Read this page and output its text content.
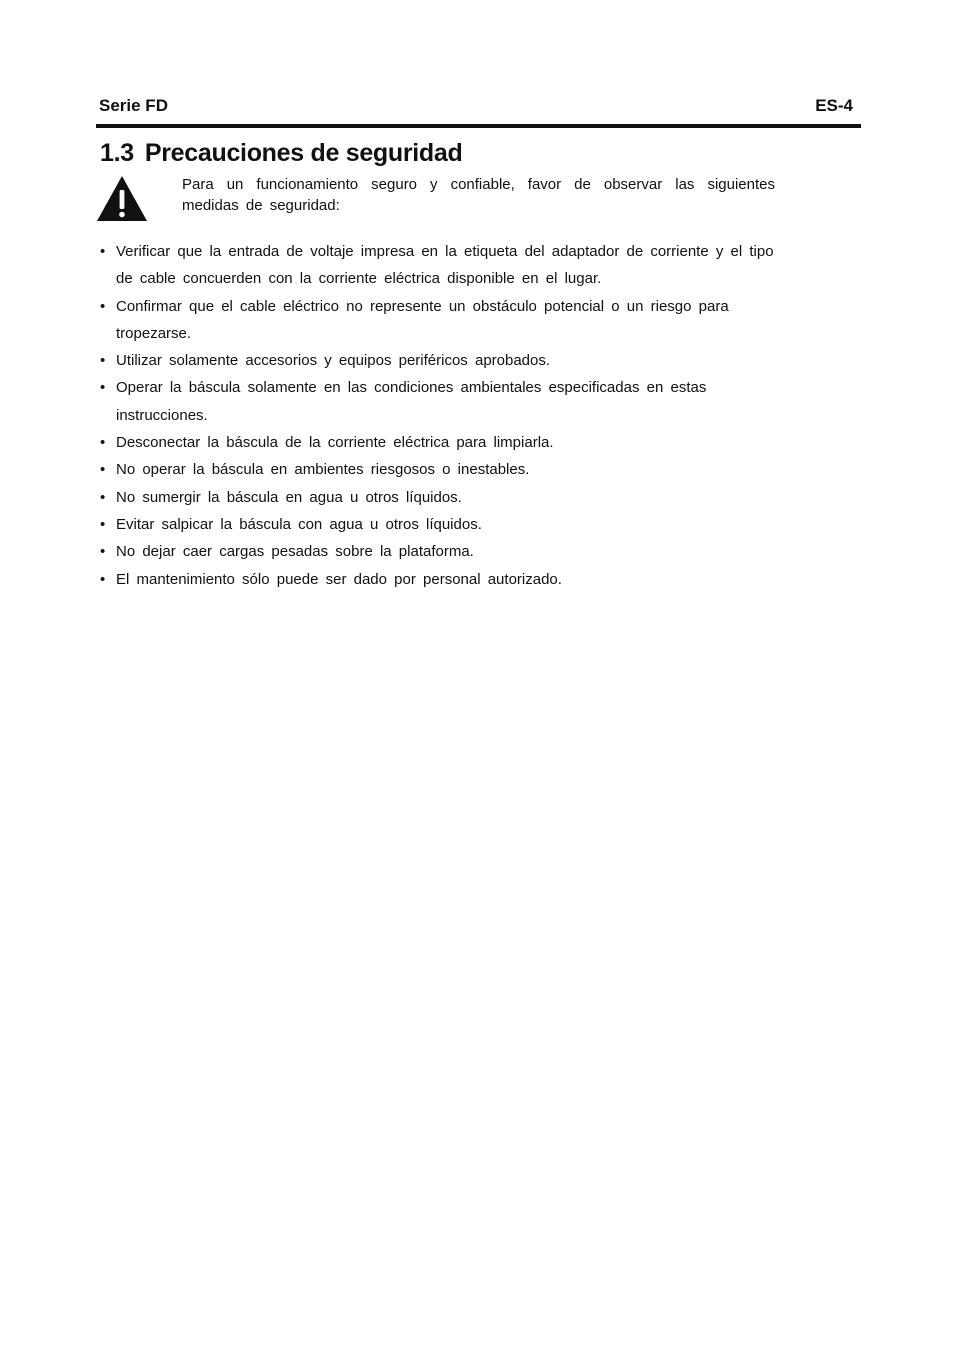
Serie FD	ES-4
1.3 Precauciones de seguridad
Para un funcionamiento seguro y confiable, favor de observar las siguientes medidas de seguridad:
• Verificar que la entrada de voltaje impresa en la etiqueta del adaptador de corriente y el tipo de cable concuerden con la corriente eléctrica disponible en el lugar.
• Confirmar que el cable eléctrico no represente un obstáculo potencial o un riesgo para tropezarse.
• Utilizar solamente accesorios y equipos periféricos aprobados.
• Operar la báscula solamente en las condiciones ambientales especificadas en estas instrucciones.
• Desconectar la báscula de la corriente eléctrica para limpiarla.
• No operar la báscula en ambientes riesgosos o inestables.
• No sumergir la báscula en agua u otros líquidos.
• Evitar salpicar la báscula con agua u otros líquidos.
• No dejar caer cargas pesadas sobre la plataforma.
• El mantenimiento sólo puede ser dado por personal autorizado.
